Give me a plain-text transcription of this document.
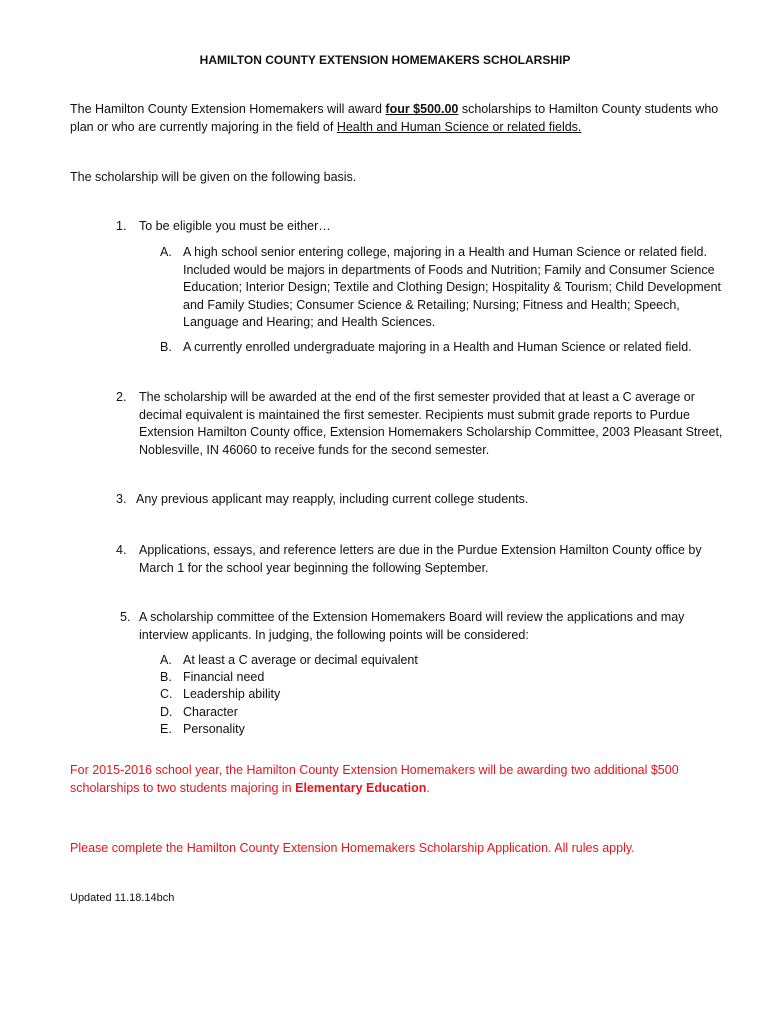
HAMILTON COUNTY EXTENSION HOMEMAKERS SCHOLARSHIP
The Hamilton County Extension Homemakers will award four $500.00 scholarships to Hamilton County students who plan or who are currently majoring in the field of Health and Human Science or related fields.
The scholarship will be given on the following basis.
1. To be eligible you must be either…
A. A high school senior entering college, majoring in a Health and Human Science or related field. Included would be majors in departments of Foods and Nutrition; Family and Consumer Science Education; Interior Design; Textile and Clothing Design; Hospitality & Tourism; Child Development and Family Studies; Consumer Science & Retailing; Nursing; Fitness and Health; Speech, Language and Hearing; and Health Sciences.
B. A currently enrolled undergraduate majoring in a Health and Human Science or related field.
2. The scholarship will be awarded at the end of the first semester provided that at least a C average or decimal equivalent is maintained the first semester. Recipients must submit grade reports to Purdue Extension Hamilton County office, Extension Homemakers Scholarship Committee, 2003 Pleasant Street, Noblesville, IN 46060 to receive funds for the second semester.
3. Any previous applicant may reapply, including current college students.
4. Applications, essays, and reference letters are due in the Purdue Extension Hamilton County office by March 1 for the school year beginning the following September.
5. A scholarship committee of the Extension Homemakers Board will review the applications and may interview applicants. In judging, the following points will be considered:
A. At least a C average or decimal equivalent
B. Financial need
C. Leadership ability
D. Character
E. Personality
For 2015-2016 school year, the Hamilton County Extension Homemakers will be awarding two additional $500 scholarships to two students majoring in Elementary Education.
Please complete the Hamilton County Extension Homemakers Scholarship Application. All rules apply.
Updated 11.18.14bch
